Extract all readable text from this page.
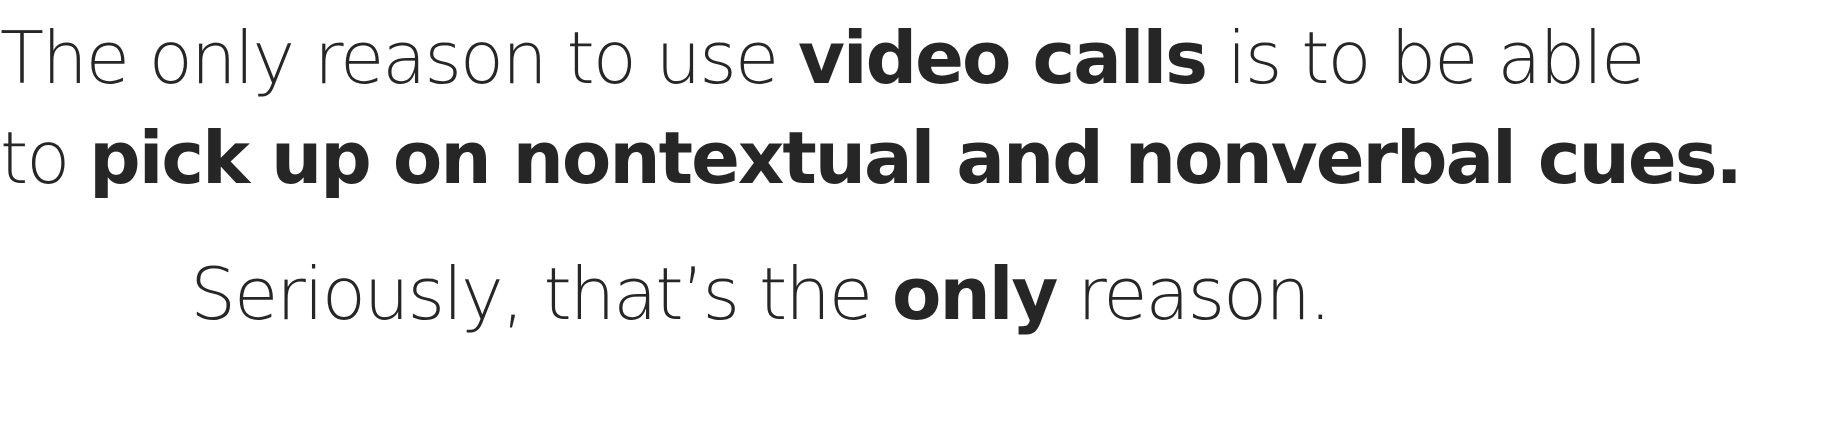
The only reason to use video calls is to be able
to pick up on nontextual and nonverbal cues.
Seriously, that’s the only reason.
